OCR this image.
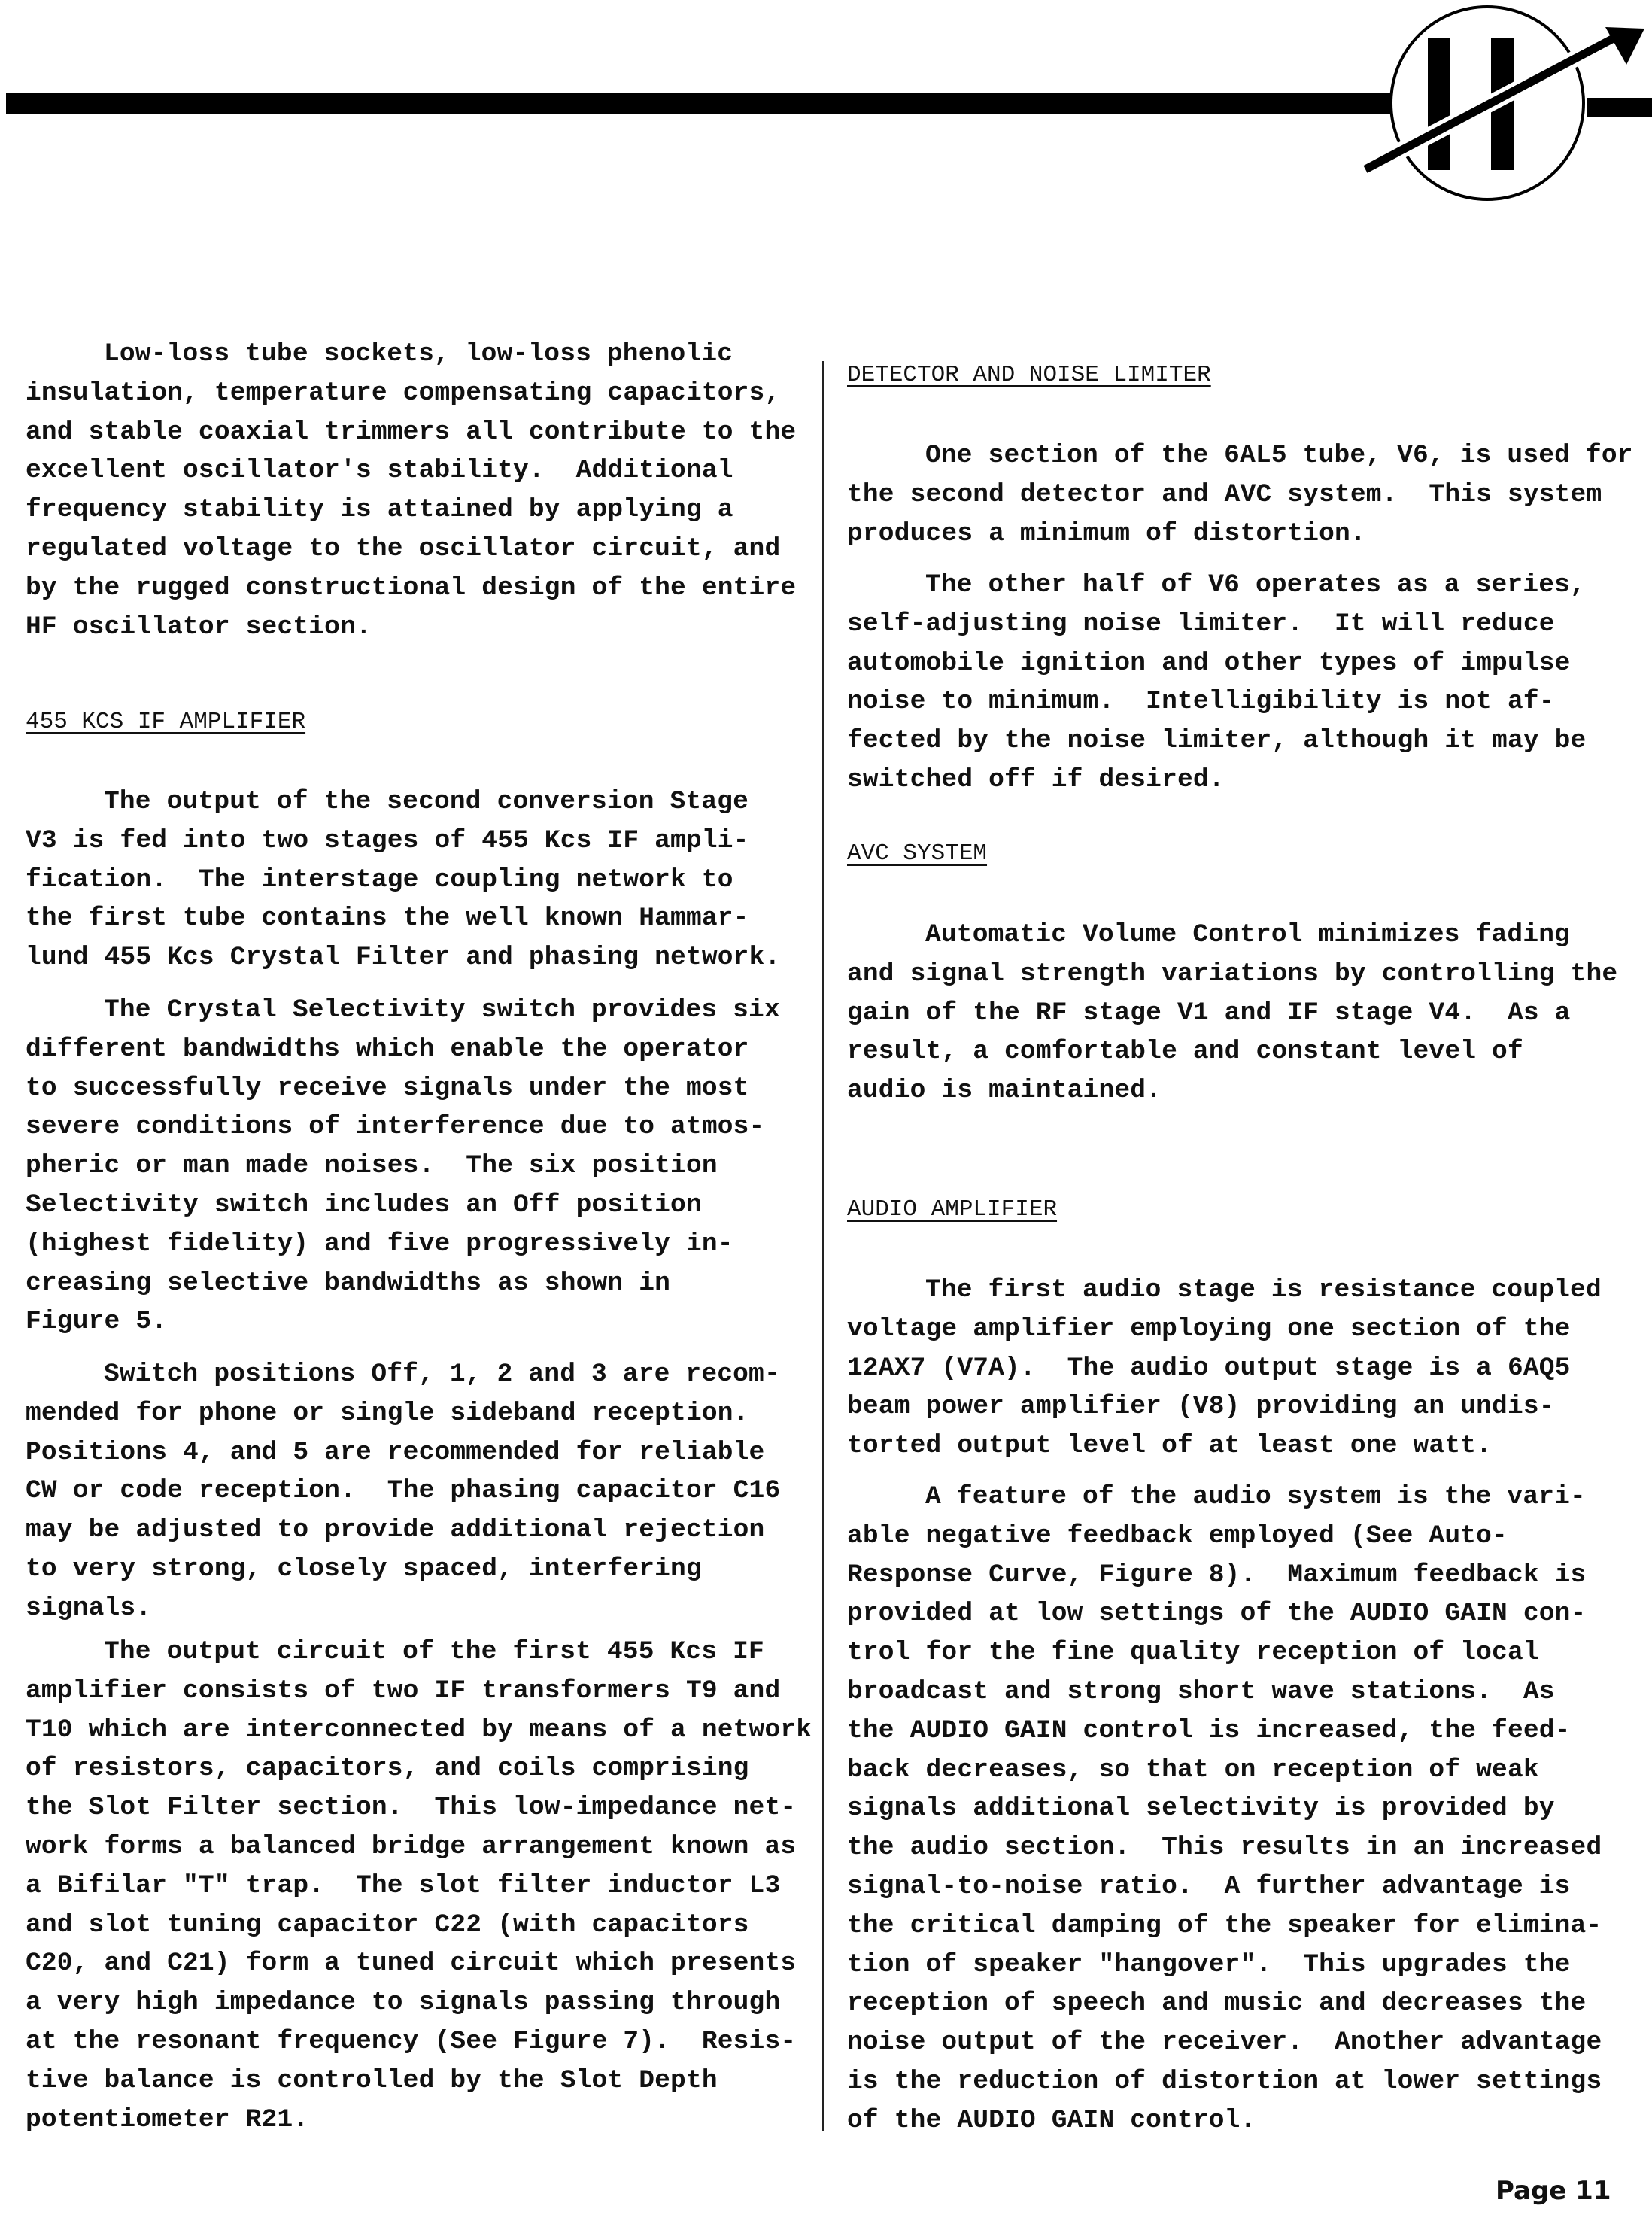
Low-loss tube sockets, low-loss phenolic
insulation, temperature compensating capacitors,
and stable coaxial trimmers all contribute to the
excellent oscillator's stability.  Additional
frequency stability is attained by applying a
regulated voltage to the oscillator circuit, and
by the rugged constructional design of the entire
HF oscillator section.
455 KCS IF AMPLIFIER
The output of the second conversion Stage
V3 is fed into two stages of 455 Kcs IF ampli-
fication.  The interstage coupling network to
the first tube contains the well known Hammar-
lund 455 Kcs Crystal Filter and phasing network.
The Crystal Selectivity switch provides six
different bandwidths which enable the operator
to successfully receive signals under the most
severe conditions of interference due to atmos-
pheric or man made noises.  The six position
Selectivity switch includes an Off position
(highest fidelity) and five progressively in-
creasing selective bandwidths as shown in
Figure 5.
Switch positions Off, 1, 2 and 3 are recom-
mended for phone or single sideband reception.
Positions 4, and 5 are recommended for reliable
CW or code reception.  The phasing capacitor C16
may be adjusted to provide additional rejection
to very strong, closely spaced, interfering
signals.
The output circuit of the first 455 Kcs IF
amplifier consists of two IF transformers T9 and
T10 which are interconnected by means of a network
of resistors, capacitors, and coils comprising
the Slot Filter section.  This low-impedance net-
work forms a balanced bridge arrangement known as
a Bifilar "T" trap.  The slot filter inductor L3
and slot tuning capacitor C22 (with capacitors
C20, and C21) form a tuned circuit which presents
a very high impedance to signals passing through
at the resonant frequency (See Figure 7).  Resis-
tive balance is controlled by the Slot Depth
potentiometer R21.
DETECTOR AND NOISE LIMITER
One section of the 6AL5 tube, V6, is used for
the second detector and AVC system.  This system
produces a minimum of distortion.
The other half of V6 operates as a series,
self-adjusting noise limiter.  It will reduce
automobile ignition and other types of impulse
noise to minimum.  Intelligibility is not af-
fected by the noise limiter, although it may be
switched off if desired.
AVC SYSTEM
Automatic Volume Control minimizes fading
and signal strength variations by controlling the
gain of the RF stage V1 and IF stage V4.  As a
result, a comfortable and constant level of
audio is maintained.
AUDIO AMPLIFIER
The first audio stage is resistance coupled
voltage amplifier employing one section of the
12AX7 (V7A).  The audio output stage is a 6AQ5
beam power amplifier (V8) providing an undis-
torted output level of at least one watt.
A feature of the audio system is the vari-
able negative feedback employed (See Auto-
Response Curve, Figure 8).  Maximum feedback is
provided at low settings of the AUDIO GAIN con-
trol for the fine quality reception of local
broadcast and strong short wave stations.  As
the AUDIO GAIN control is increased, the feed-
back decreases, so that on reception of weak
signals additional selectivity is provided by
the audio section.  This results in an increased
signal-to-noise ratio.  A further advantage is
the critical damping of the speaker for elimina-
tion of speaker "hangover".  This upgrades the
reception of speech and music and decreases the
noise output of the receiver.  Another advantage
is the reduction of distortion at lower settings
of the AUDIO GAIN control.
Page 11
